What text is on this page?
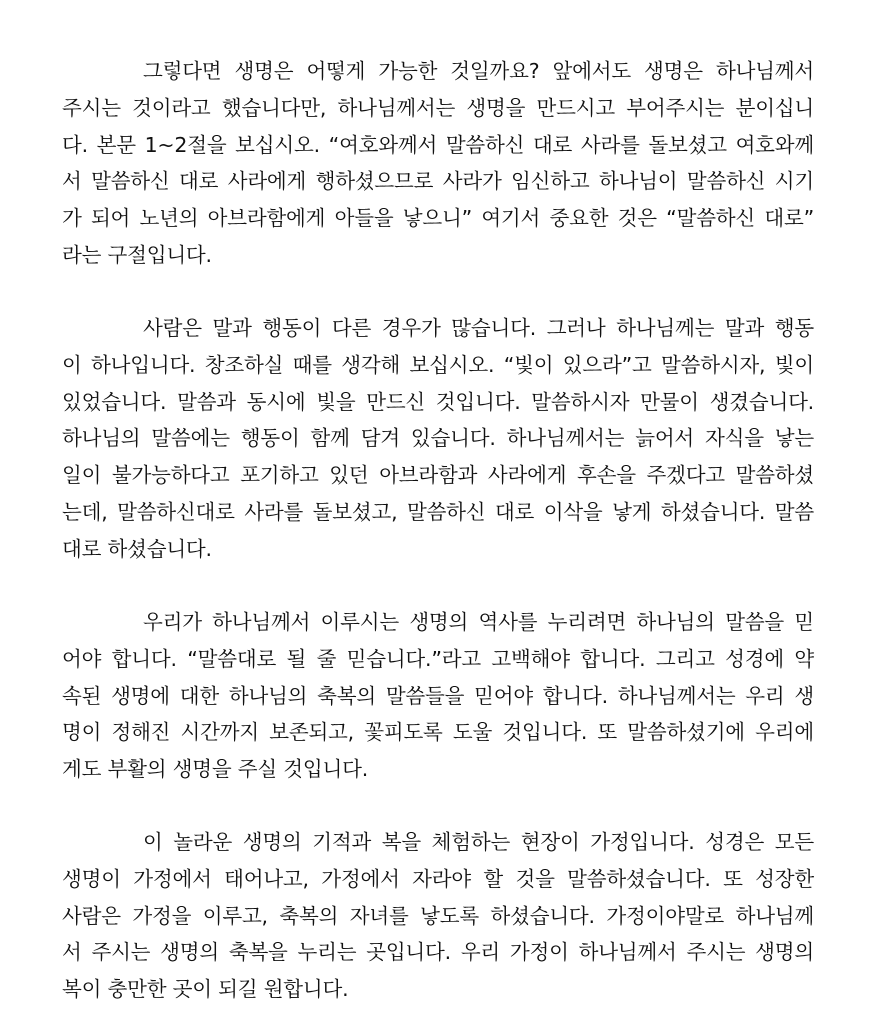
그렇다면 생명은 어떻게 가능한 것일까요? 앞에서도 생명은 하나님께서
주시는 것이라고 했습니다만, 하나님께서는 생명을 만드시고 부어주시는 분이십니
다. 본문 1~2절을 보십시오. “여호와께서 말씀하신 대로 사라를 돌보셨고 여호와께
서 말씀하신 대로 사라에게 행하셨으므로 사라가 임신하고 하나님이 말씀하신 시기
가 되어 노년의 아브라함에게 아들을 낳으니” 여기서 중요한 것은 “말씀하신 대로”
라는 구절입니다.
사람은 말과 행동이 다른 경우가 많습니다. 그러나 하나님께는 말과 행동
이 하나입니다. 창조하실 때를 생각해 보십시오. “빛이 있으라”고 말씀하시자, 빛이
있었습니다. 말씀과 동시에 빛을 만드신 것입니다. 말씀하시자 만물이 생겼습니다.
하나님의 말씀에는 행동이 함께 담겨 있습니다. 하나님께서는 늙어서 자식을 낳는
일이 불가능하다고 포기하고 있던 아브라함과 사라에게 후손을 주겠다고 말씀하셨
는데, 말씀하신대로 사라를 돌보셨고, 말씀하신 대로 이삭을 낳게 하셨습니다. 말씀
대로 하셨습니다.
우리가 하나님께서 이루시는 생명의 역사를 누리려면 하나님의 말씀을 믿
어야 합니다. “말씀대로 될 줄 믿습니다.”라고 고백해야 합니다. 그리고 성경에 약
속된 생명에 대한 하나님의 축복의 말씀들을 믿어야 합니다. 하나님께서는 우리 생
명이 정해진 시간까지 보존되고, 꽃피도록 도울 것입니다. 또 말씀하셨기에 우리에
게도 부활의 생명을 주실 것입니다.
이 놀라운 생명의 기적과 복을 체험하는 현장이 가정입니다. 성경은 모든
생명이 가정에서 태어나고, 가정에서 자라야 할 것을 말씀하셨습니다. 또 성장한
사람은 가정을 이루고, 축복의 자녀를 낳도록 하셨습니다. 가정이야말로 하나님께
서 주시는 생명의 축복을 누리는 곳입니다. 우리 가정이 하나님께서 주시는 생명의
복이 충만한 곳이 되길 원합니다.
